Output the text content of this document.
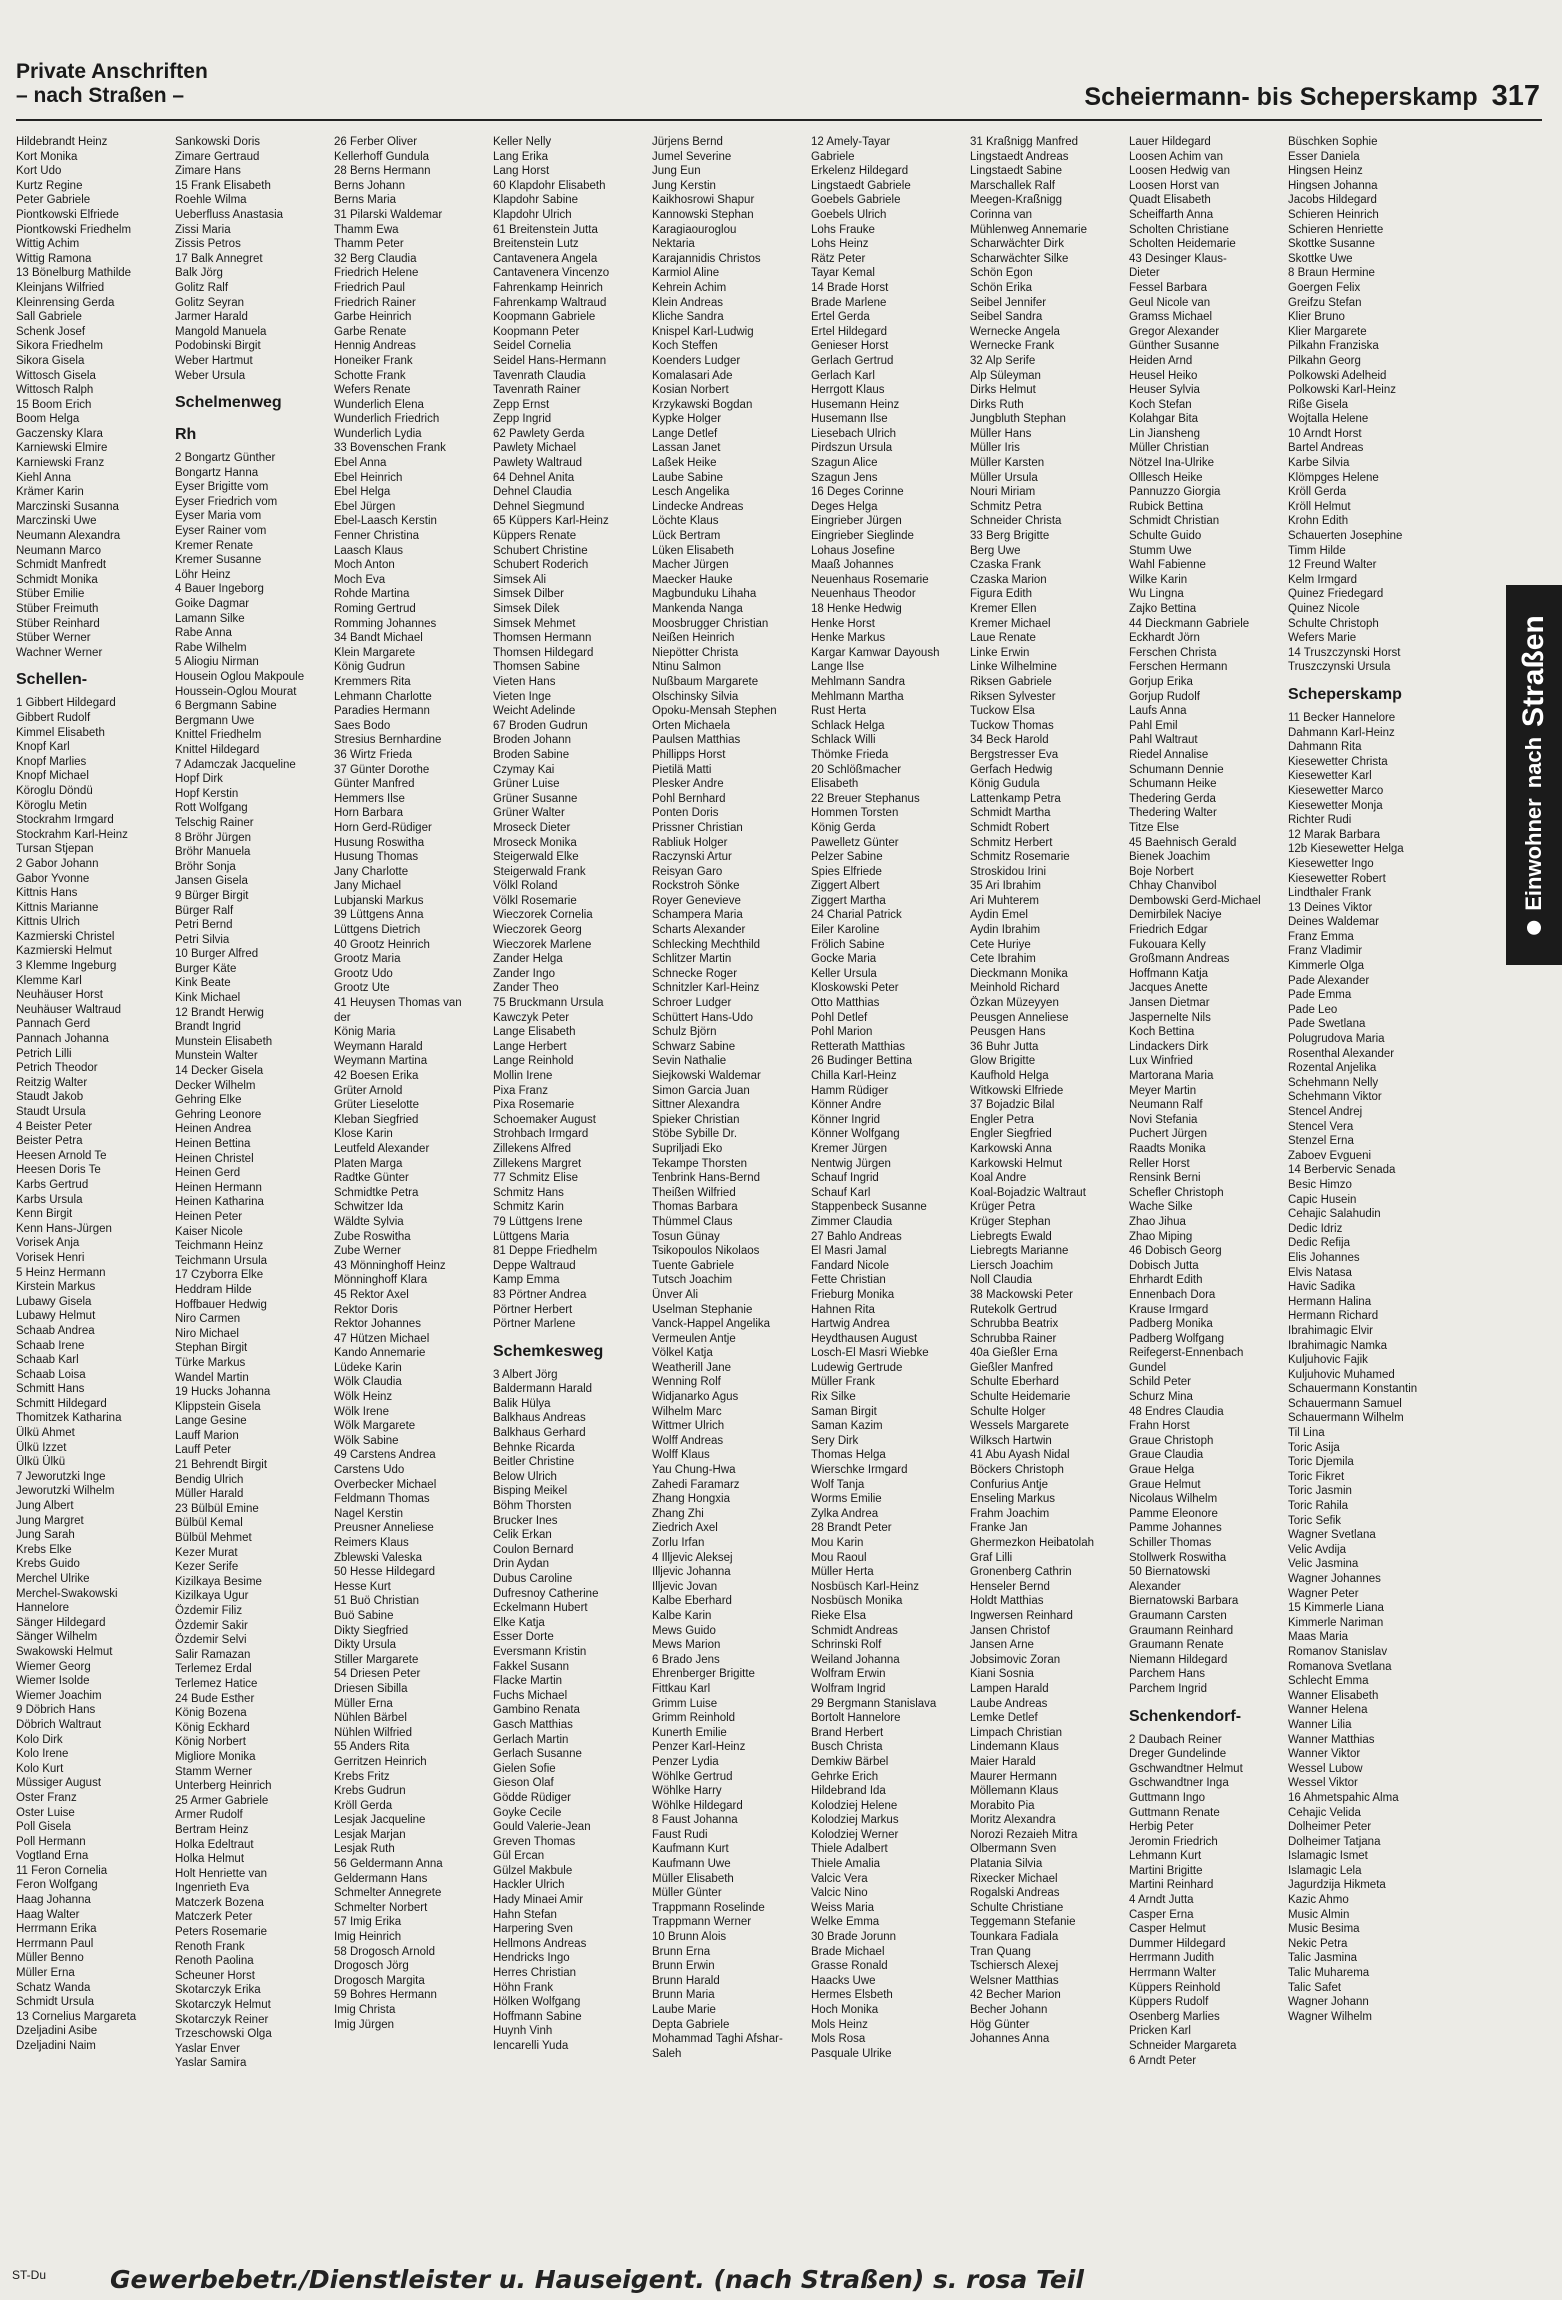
Private Anschriften
– nach Straßen –	Scheiermann- bis Scheperskamp 317
Hildebrandt Heinz
Kort Monika
Kort Udo
Kurtz Regine
Peter Gabriele
Piontkowski Elfriede
Piontkowski Friedhelm
Wittig Achim
Wittig Ramona
13 Bönelburg Mathilde
Kleinjans Wilfried
Kleinrensing Gerda
Sall Gabriele
Schenk Josef
Sikora Friedhelm
Sikora Gisela
Wittosch Gisela
Wittosch Ralph
15 Boom Erich
Boom Helga
Gaczensky Klara
Karniewski Elmire
Karniewski Franz
Kiehl Anna
Krämer Karin
Marczinski Susanna
Marczinski Uwe
Neumann Alexandra
Neumann Marco
Schmidt Manfredt
Schmidt Monika
Stüber Emilie
Stüber Freimuth
Stüber Reinhard
Stüber Werner
Wachner Werner
Schellen-
1 Gibbert Hildegard
Gibbert Rudolf
Kimmel Elisabeth
Knopf Karl
Knopf Marlies
Knopf Michael
Köroglu Döndü
Köroglu Metin
Stockrahm Irmgard
Stockrahm Karl-Heinz
Tursan Stjepan
2 Gabor Johann
Gabor Yvonne
Kittnis Hans
Kittnis Marianne
Kittnis Ulrich
Kazmierski Christel
Kazmierski Helmut
3 Klemme Ingeburg
Klemme Karl
Neuhäuser Horst
Neuhäuser Waltraud
Pannach Gerd
Pannach Johanna
Petrich Lilli
Petrich Theodor
Reitzig Walter
Staudt Jakob
Staudt Ursula
4 Beister Peter
Beister Petra
Heesen Arnold Te
Heesen Doris Te
Karbs Gertrud
Karbs Ursula
Kenn Birgit
Kenn Hans-Jürgen
Vorisek Anja
Vorisek Henri
5 Heinz Hermann
Kirstein Markus
Lubawy Gisela
Lubawy Helmut
Schaab Andrea
Schaab Irene
Schaab Karl
Schaab Loisa
Schmitt Hans
Schmitt Hildegard
Thomitzek Katharina
Ülkü Ahmet
Ülkü Izzet
Ülkü Ülkü
7 Jeworutzki Inge
Jeworutzki Wilhelm
Jung Albert
Jung Margret
Jung Sarah
Krebs Elke
Krebs Guido
Merchel Ulrike
Merchel-Swakowski
Hannelore
Sänger Hildegard
Sänger Wilhelm
Swakowski Helmut
Wiemer Georg
Wiemer Isolde
Wiemer Joachim
9 Döbrich Hans
Döbrich Waltraut
Kolo Dirk
Kolo Irene
Kolo Kurt
Müssiger August
Oster Franz
Oster Luise
Poll Gisela
Poll Hermann
Vogtland Erna
11 Feron Cornelia
Feron Wolfgang
Haag Johanna
Haag Walter
Herrmann Erika
Herrmann Paul
Müller Benno
Müller Erna
Schatz Wanda
Schmidt Ursula
13 Cornelius Margareta
Dzeljadini Asibe
Dzeljadini Naim
Sankowski Doris
Zimare Gertraud
Zimare Hans
15 Frank Elisabeth
Roehle Wilma
Ueberfluss Anastasia
Zissi Maria
Zissis Petros
17 Balk Annegret
Balk Jörg
Golitz Ralf
Golitz Seyran
Jarmer Harald
Mangold Manuela
Podobinski Birgit
Weber Hartmut
Weber Ursula
Schelmenweg
Rh
2 Bongartz Günther
Bongartz Hanna
Eyser Brigitte vom
Eyser Friedrich vom
Eyser Maria vom
Eyser Rainer vom
Kremer Renate
Kremer Susanne
Löhr Heinz
4 Bauer Ingeborg
Goike Dagmar
Lamann Silke
Rabe Anna
Rabe Wilhelm
5 Aliogiu Nirman
Housein Oglou Makpoule
Houssein-Oglou Mourat
6 Bergmann Sabine
Bergmann Uwe
Knittel Friedhelm
Knittel Hildegard
7 Adamczak Jacqueline
Hopf Dirk
Hopf Kerstin
Rott Wolfgang
Telschig Rainer
8 Bröhr Jürgen
Bröhr Manuela
Bröhr Sonja
Jansen Gisela
9 Bürger Birgit
Bürger Ralf
Petri Bernd
Petri Silvia
10 Burger Alfred
Burger Käte
Kink Beate
Kink Michael
12 Brandt Herwig
Brandt Ingrid
Munstein Elisabeth
Munstein Walter
14 Decker Gisela
Decker Wilhelm
Gehring Elke
Gehring Leonore
Heinen Andrea
Heinen Bettina
Heinen Christel
Heinen Gerd
Heinen Hermann
Heinen Katharina
Heinen Peter
Kaiser Nicole
Teichmann Heinz
Teichmann Ursula
17 Czyborra Elke
Heddram Hilde
Hoffbauer Hedwig
Niro Carmen
Niro Michael
Stephan Birgit
Türke Markus
Wandel Martin
19 Hucks Johanna
Klippstein Gisela
Lange Gesine
Lauff Marion
Lauff Peter
21 Behrendt Birgit
Bendig Ulrich
Müller Harald
23 Bülbül Emine
Bülbül Kemal
Bülbül Mehmet
Kezer Murat
Kezer Serife
Kizilkaya Besime
Kizilkaya Ugur
Özdemir Filiz
Özdemir Sakir
Özdemir Selvi
Salir Ramazan
Terlemez Erdal
Terlemez Hatice
24 Bude Esther
König Bozena
König Eckhard
König Norbert
Migliore Monika
Stamm Werner
Unterberg Heinrich
25 Armer Gabriele
Armer Rudolf
Bertram Heinz
Holka Edeltraut
Holka Helmut
Holt Henriette van
Ingenrieth Eva
Matczerk Bozena
Matczerk Peter
Peters Rosemarie
Renoth Frank
Renoth Paolina
Scheuner Horst
Skotarczyk Erika
Skotarczyk Helmut
Skotarczyk Reiner
Trzeschowski Olga
Yaslar Enver
Yaslar Samira
26 Ferber Oliver
Kellerhoff Gundula
28 Berns Hermann
Berns Johann
Berns Maria
31 Pilarski Waldemar
Thamm Ewa
Thamm Peter
32 Berg Claudia
Friedrich Helene
Friedrich Paul
Friedrich Rainer
Garbe Heinrich
Garbe Renate
Hennig Andreas
Honeiker Frank
Schotte Frank
Wefers Renate
Wunderlich Elena
Wunderlich Friedrich
Wunderlich Lydia
33 Bovenschen Frank
Ebel Anna
Ebel Heinrich
Ebel Helga
Ebel Jürgen
Ebel-Laasch Kerstin
Fenner Christina
Laasch Klaus
Moch Anton
Moch Eva
Rohde Martina
Roming Gertrud
Romming Johannes
34 Bandt Michael
Klein Margarete
König Gudrun
Kremmers Rita
Lehmann Charlotte
Paradies Hermann
Saes Bodo
Stresius Bernhardine
36 Wirtz Frieda
37 Günter Dorothe
Günter Manfred
Hemmers Ilse
Horn Barbara
Horn Gerd-Rüdiger
Husung Roswitha
Husung Thomas
Jany Charlotte
Jany Michael
Lubjanski Markus
39 Lüttgens Anna
Lüttgens Dietrich
40 Grootz Heinrich
Grootz Maria
Grootz Udo
Grootz Ute
41 Heuysen Thomas van
der
König Maria
Weymann Harald
Weymann Martina
42 Boesen Erika
Grüter Arnold
Grüter Lieselotte
Kleban Siegfried
Klose Karin
Leutfeld Alexander
Platen Marga
Radtke Günter
Schmidtke Petra
Schwitzer Ida
Wäldte Sylvia
Zube Roswitha
Zube Werner
43 Mönninghoff Heinz
Mönninghoff Klara
45 Rektor Axel
Rektor Doris
Rektor Johannes
47 Hützen Michael
Kando Annemarie
Lüdeke Karin
Wölk Claudia
Wölk Heinz
Wölk Irene
Wölk Margarete
Wölk Sabine
49 Carstens Andrea
Carstens Udo
Overbecker Michael
Feldmann Thomas
Nagel Kerstin
Preusner Anneliese
Reimers Klaus
Zblewski Valeska
50 Hesse Hildegard
Hesse Kurt
51 Buö Christian
Buö Sabine
Dikty Siegfried
Dikty Ursula
Stiller Margarete
54 Driesen Peter
Driesen Sibilla
Müller Erna
Nühlen Bärbel
Nühlen Wilfried
55 Anders Rita
Gerritzen Heinrich
Krebs Fritz
Krebs Gudrun
Kröll Gerda
Lesjak Jacqueline
Lesjak Marjan
Lesjak Ruth
56 Geldermann Anna
Geldermann Hans
Schmelter Annegrete
Schmelter Norbert
57 Imig Erika
Imig Heinrich
58 Drogosch Arnold
Drogosch Jörg
Drogosch Margita
59 Bohres Hermann
Imig Christa
Imig Jürgen
Keller Nelly
Lang Erika
Lang Horst
60 Klapdohr Elisabeth
Klapdohr Sabine
Klapdohr Ulrich
61 Breitenstein Jutta
Breitenstein Lutz
Cantavenera Angela
Cantavenera Vincenzo
Fahrenkamp Heinrich
Fahrenkamp Waltraud
Koopmann Gabriele
Koopmann Peter
Seidel Cornelia
Seidel Hans-Hermann
Tavenrath Claudia
Tavenrath Rainer
Zepp Ernst
Zepp Ingrid
62 Pawlety Gerda
Pawlety Michael
Pawlety Waltraud
64 Dehnel Anita
Dehnel Claudia
Dehnel Siegmund
65 Küppers Karl-Heinz
Küppers Renate
Schubert Christine
Schubert Roderich
Simsek Ali
Simsek Dilber
Simsek Dilek
Simsek Mehmet
Thomsen Hermann
Thomsen Hildegard
Thomsen Sabine
Vieten Hans
Vieten Inge
Weicht Adelinde
67 Broden Gudrun
Broden Johann
Broden Sabine
Czymay Kai
Grüner Luise
Grüner Susanne
Grüner Walter
Mroseck Dieter
Mroseck Monika
Steigerwald Elke
Steigerwald Frank
Völkl Roland
Völkl Rosemarie
Wieczorek Cornelia
Wieczorek Georg
Wieczorek Marlene
Zander Helga
Zander Ingo
Zander Theo
75 Bruckmann Ursula
Kawczyk Peter
Lange Elisabeth
Lange Herbert
Lange Reinhold
Mollin Irene
Pixa Franz
Pixa Rosemarie
Schoemaker August
Strohbach Irmgard
Zillekens Alfred
Zillekens Margret
77 Schmitz Elise
Schmitz Hans
Schmitz Karin
79 Lüttgens Irene
Lüttgens Maria
81 Deppe Friedhelm
Deppe Waltraud
Kamp Emma
83 Pörtner Andrea
Pörtner Herbert
Pörtner Marlene
Schemkesweg
3 Albert Jörg
Baldermann Harald
Balik Hülya
Balkhaus Andreas
Balkhaus Gerhard
Behnke Ricarda
Beitler Christine
Below Ulrich
Bisping Meikel
Böhm Thorsten
Brucker Ines
Celik Erkan
Coulon Bernard
Drin Aydan
Dubus Caroline
Dufresnoy Catherine
Eckelmann Hubert
Elke Katja
Esser Dorte
Eversmann Kristin
Fakkel Susann
Flacke Martin
Fuchs Michael
Gambino Renata
Gasch Matthias
Gerlach Martin
Gerlach Susanne
Gielen Sofie
Gieson Olaf
Gödde Rüdiger
Goyke Cecile
Gould Valerie-Jean
Greven Thomas
Gül Ercan
Gülzel Makbule
Hackler Ulrich
Hady Minaei Amir
Hahn Stefan
Harpering Sven
Hellmons Andreas
Hendricks Ingo
Herres Christian
Höhn Frank
Hölken Wolfgang
Hoffmann Sabine
Huynh Vinh
Iencarelli Yuda
Jürjens Bernd
Jumel Severine
Jung Eun
Jung Kerstin
Kaikhosrowi Shapur
Kannowski Stephan
Karagiaouroglou
Nektaria
Karajannidis Christos
Karmiol Aline
Kehrein Achim
Klein Andreas
Kliche Sandra
Knispel Karl-Ludwig
Koch Steffen
Koenders Ludger
Komalasari Ade
Kosian Norbert
Krzykawski Bogdan
Kypke Holger
Lange Detlef
Lassan Janet
Laßek Heike
Laube Sabine
Lesch Angelika
Lindecke Andreas
Löchte Klaus
Lück Bertram
Lüken Elisabeth
Macher Jürgen
Maecker Hauke
Magbunduku Lihaha
Mankenda Nanga
Moosbrugger Christian
Neißen Heinrich
Niepötter Christa
Ntinu Salmon
Nußbaum Margarete
Olschinsky Silvia
Opoku-Mensah Stephen
Orten Michaela
Paulsen Matthias
Phillipps Horst
Pietilä Matti
Plesker Andre
Pohl Bernhard
Ponten Doris
Prissner Christian
Rabliuk Holger
Raczynski Artur
Reisyan Garo
Rockstroh Sönke
Royer Genevieve
Schampera Maria
Scharts Alexander
Schlecking Mechthild
Schlitzer Martin
Schnecke Roger
Schnitzler Karl-Heinz
Schroer Ludger
Schüttert Hans-Udo
Schulz Björn
Schwarz Sabine
Sevin Nathalie
Siejkowski Waldemar
Simon Garcia Juan
Sittner Alexandra
Spieker Christian
Stöbe Sybille Dr.
Supriljadi Eko
Tekampe Thorsten
Tenbrink Hans-Bernd
Theißen Wilfried
Thomas Barbara
Thümmel Claus
Tosun Günay
Tsikopoulos Nikolaos
Tuente Gabriele
Tutsch Joachim
Ünver Ali
Uselman Stephanie
Vanck-Happel Angelika
Vermeulen Antje
Völkel Katja
Weatherill Jane
Wenning Rolf
Widjanarko Agus
Wilhelm Marc
Wittmer Ulrich
Wolff Andreas
Wolff Klaus
Yau Chung-Hwa
Zahedi Faramarz
Zhang Hongxia
Zhang Zhi
Ziedrich Axel
Zorlu Irfan
4 Illjevic Aleksej
Illjevic Johanna
Illjevic Jovan
Kalbe Eberhard
Kalbe Karin
Mews Guido
Mews Marion
6 Brado Jens
Ehrenberger Brigitte
Fittkau Karl
Grimm Luise
Grimm Reinhold
Kunerth Emilie
Penzer Karl-Heinz
Penzer Lydia
Wöhlke Gertrud
Wöhlke Harry
Wöhlke Hildegard
8 Faust Johanna
Faust Rudi
Kaufmann Kurt
Kaufmann Uwe
Müller Elisabeth
Müller Günter
Trappmann Roselinde
Trappmann Werner
10 Brunn Alois
Brunn Erna
Brunn Erwin
Brunn Harald
Brunn Maria
Laube Marie
Depta Gabriele
Mohammad Taghi Afshar-
Saleh
12 Amely-Tayar
Gabriele
Erkelenz Hildegard
Lingstaedt Gabriele
Goebels Gabriele
Goebels Ulrich
Lohs Frauke
Lohs Heinz
Rätz Peter
Tayar Kemal
14 Brade Horst
Brade Marlene
Ertel Gerda
Ertel Hildegard
Genieser Horst
Gerlach Gertrud
Gerlach Karl
Herrgott Klaus
Husemann Heinz
Husemann Ilse
Liesebach Ulrich
Pirdszun Ursula
Szagun Alice
Szagun Jens
16 Deges Corinne
Deges Helga
Eingrieber Jürgen
Eingrieber Sieglinde
Lohaus Josefine
Maaß Johannes
Neuenhaus Rosemarie
Neuenhaus Theodor
18 Henke Hedwig
Henke Horst
Henke Markus
Kargar Kamwar Dayoush
Lange Ilse
Mehlmann Sandra
Mehlmann Martha
Rust Herta
Schlack Helga
Schlack Willi
Thömke Frieda
20 Schlößmacher
Elisabeth
22 Breuer Stephanus
Hommen Torsten
König Gerda
Pawelletz Günter
Pelzer Sabine
Spies Elfriede
Ziggert Albert
Ziggert Martha
24 Charial Patrick
Eiler Karoline
Frölich Sabine
Gocke Maria
Keller Ursula
Kloskowski Peter
Otto Matthias
Pohl Detlef
Pohl Marion
Retterath Matthias
26 Budinger Bettina
Chilla Karl-Heinz
Hamm Rüdiger
Könner Andre
Könner Ingrid
Könner Wolfgang
Kremer Jürgen
Nentwig Jürgen
Schauf Ingrid
Schauf Karl
Stappenbeck Susanne
Zimmer Claudia
27 Bahlo Andreas
El Masri Jamal
Fandard Nicole
Fette Christian
Frieburg Monika
Hahnen Rita
Hartwig Andrea
Heydthausen August
Losch-El Masri Wiebke
Ludewig Gertrude
Müller Frank
Rix Silke
Saman Birgit
Saman Kazim
Sery Dirk
Thomas Helga
Wierschke Irmgard
Wolf Tanja
Worms Emilie
Zylka Andrea
28 Brandt Peter
Mou Karin
Mou Raoul
Müller Herta
Nosbüsch Karl-Heinz
Nosbüsch Monika
Rieke Elsa
Schmidt Andreas
Schrinski Rolf
Weiland Johanna
Wolfram Erwin
Wolfram Ingrid
29 Bergmann Stanislava
Bortolt Hannelore
Brand Herbert
Busch Christa
Demkiw Bärbel
Gehrke Erich
Hildebrand Ida
Kolodziej Helene
Kolodziej Markus
Kolodziej Werner
Thiele Adalbert
Thiele Amalia
Valcic Vera
Valcic Nino
Weiss Maria
Welke Emma
30 Brade Jorunn
Brade Michael
Grasse Ronald
Haacks Uwe
Hermes Elsbeth
Hoch Monika
Mols Heinz
Mols Rosa
Pasquale Ulrike
31 Kraßnigg Manfred
Lingstaedt Andreas
Lingstaedt Sabine
Marschallek Ralf
Meegen-Kraßnigg
Corinna van
Mühlenweg Annemarie
Scharwächter Dirk
Scharwächter Silke
Schön Egon
Schön Erika
Seibel Jennifer
Seibel Sandra
Wernecke Angela
Wernecke Frank
32 Alp Serife
Alp Süleyman
Dirks Helmut
Dirks Ruth
Jungbluth Stephan
Müller Hans
Müller Iris
Müller Karsten
Müller Ursula
Nouri Miriam
Schmitz Petra
Schneider Christa
33 Berg Brigitte
Berg Uwe
Czaska Frank
Czaska Marion
Figura Edith
Kremer Ellen
Kremer Michael
Laue Renate
Linke Erwin
Linke Wilhelmine
Riksen Gabriele
Riksen Sylvester
Tuckow Elsa
Tuckow Thomas
34 Beck Harold
Bergstresser Eva
Gerfach Hedwig
König Gudula
Lattenkamp Petra
Schmidt Martha
Schmidt Robert
Schmitz Herbert
Schmitz Rosemarie
Stroskidou Irini
35 Ari Ibrahim
Ari Muhterem
Aydin Emel
Aydin Ibrahim
Cete Huriye
Cete Ibrahim
Dieckmann Monika
Meinhold Richard
Özkan Müzeyyen
Peusgen Anneliese
Peusgen Hans
36 Buhr Jutta
Glow Brigitte
Kaufhold Helga
Witkowski Elfriede
37 Bojadzic Bilal
Engler Petra
Engler Siegfried
Karkowski Anna
Karkowski Helmut
Koal Andre
Koal-Bojadzic Waltraut
Krüger Petra
Krüger Stephan
Liebregts Ewald
Liebregts Marianne
Liersch Joachim
Noll Claudia
38 Mackowski Peter
Rutekolk Gertrud
Schrubba Beatrix
Schrubba Rainer
40a Gießler Erna
Gießler Manfred
Schulte Eberhard
Schulte Heidemarie
Schulte Holger
Wessels Margarete
Wilksch Hartwin
41 Abu Ayash Nidal
Böckers Christoph
Confurius Antje
Enseling Markus
Frahm Joachim
Franke Jan
Ghermezkon Heibatolah
Graf Lilli
Gronenberg Cathrin
Henseler Bernd
Holdt Matthias
Ingwersen Reinhard
Jansen Christof
Jansen Arne
Jobsimovic Zoran
Kiani Sosnia
Lampen Harald
Laube Andreas
Lemke Detlef
Limpach Christian
Lindemann Klaus
Maier Harald
Maurer Hermann
Möllemann Klaus
Morabito Pia
Moritz Alexandra
Norozi Rezaieh Mitra
Olbermann Sven
Platania Silvia
Rixecker Michael
Rogalski Andreas
Schulte Christiane
Teggemann Stefanie
Tounkara Fadiala
Tran Quang
Tschiersch Alexej
Welsner Matthias
42 Becher Marion
Becher Johann
Hög Günter
Johannes Anna
Lauer Hildegard
Loosen Achim van
Loosen Hedwig van
Loosen Horst van
Quadt Elisabeth
Scheiffarth Anna
Scholten Christiane
Scholten Heidemarie
43 Desinger Klaus-
Dieter
Fessel Barbara
Geul Nicole van
Gramss Michael
Gregor Alexander
Günther Susanne
Heiden Arnd
Heusel Heiko
Heuser Sylvia
Koch Stefan
Kolahgar Bita
Lin Jiansheng
Müller Christian
Nötzel Ina-Ulrike
Olllesch Heike
Pannuzzo Giorgia
Rubick Bettina
Schmidt Christian
Schulte Guido
Stumm Uwe
Wahl Fabienne
Wilke Karin
Wu Lingna
Zajko Bettina
44 Dieckmann Gabriele
Eckhardt Jörn
Ferschen Christa
Ferschen Hermann
Gorjup Erika
Gorjup Rudolf
Laufs Anna
Pahl Emil
Pahl Waltraut
Riedel Annalise
Schumann Dennie
Schumann Heike
Thedering Gerda
Thedering Walter
Titze Else
45 Baehnisch Gerald
Bienek Joachim
Boje Norbert
Chhay Chanvibol
Dembowski Gerd-Michael
Demirbilek Naciye
Friedrich Edgar
Fukouara Kelly
Großmann Andreas
Hoffmann Katja
Jacques Anette
Jansen Dietmar
Jaspernelte Nils
Koch Bettina
Lindackers Dirk
Lux Winfried
Martorana Maria
Meyer Martin
Neumann Ralf
Novi Stefania
Puchert Jürgen
Raadts Monika
Reller Horst
Rensink Berni
Schefler Christoph
Wache Silke
Zhao Jihua
Zhao Miping
46 Dobisch Georg
Dobisch Jutta
Ehrhardt Edith
Ennenbach Dora
Krause Irmgard
Padberg Monika
Padberg Wolfgang
Reifegerst-Ennenbach
Gundel
Schild Peter
Schurz Mina
48 Endres Claudia
Frahn Horst
Graue Christoph
Graue Claudia
Graue Helga
Graue Helmut
Nicolaus Wilhelm
Pamme Eleonore
Pamme Johannes
Schiller Thomas
Stollwerk Roswitha
50 Biernatowski
Alexander
Biernatowski Barbara
Graumann Carsten
Graumann Reinhard
Graumann Renate
Niemann Hildegard
Parchem Hans
Parchem Ingrid
Schenkendorf-
2 Daubach Reiner
Dreger Gundelinde
Gschwandtner Helmut
Gschwandtner Inga
Guttmann Ingo
Guttmann Renate
Herbig Peter
Jeromin Friedrich
Lehmann Kurt
Martini Brigitte
Martini Reinhard
4 Arndt Jutta
Casper Erna
Casper Helmut
Dummer Hildegard
Herrmann Judith
Herrmann Walter
Küppers Reinhold
Küppers Rudolf
Osenberg Marlies
Pricken Karl
Schneider Margareta
6 Arndt Peter
Büschken Sophie
Esser Daniela
Hingsen Heinz
Hingsen Johanna
Jacobs Hildegard
Schieren Heinrich
Schieren Henriette
Skottke Susanne
Skottke Uwe
8 Braun Hermine
Goergen Felix
Greifzu Stefan
Klier Bruno
Klier Margarete
Pilkahn Franziska
Pilkahn Georg
Polkowski Adelheid
Polkowski Karl-Heinz
Riße Gisela
Wojtalla Helene
10 Arndt Horst
Bartel Andreas
Karbe Silvia
Klömpges Helene
Kröll Gerda
Kröll Helmut
Krohn Edith
Schauerten Josephine
Timm Hilde
12 Freund Walter
Kelm Irmgard
Quinez Friedegard
Quinez Nicole
Schulte Christoph
Wefers Marie
14 Truszczynski Horst
Truszczynski Ursula
Scheperskamp
11 Becker Hannelore
Dahmann Karl-Heinz
Dahmann Rita
Kiesewetter Christa
Kiesewetter Karl
Kiesewetter Marco
Kiesewetter Monja
Richter Rudi
12 Marak Barbara
12b Kiesewetter Helga
Kiesewetter Ingo
Kiesewetter Robert
Lindthaler Frank
13 Deines Viktor
Deines Waldemar
Franz Emma
Franz Vladimir
Kimmerle Olga
Pade Alexander
Pade Emma
Pade Leo
Pade Swetlana
Polugrudova Maria
Rosenthal Alexander
Rozental Anjelika
Schehmann Nelly
Schehmann Viktor
Stencel Andrej
Stencel Vera
Stenzel Erna
Zaboev Evgueni
14 Berbervic Senada
Besic Himzo
Capic Husein
Cehajic Salahudin
Dedic Idriz
Dedic Refija
Elis Johannes
Elvis Natasa
Havic Sadika
Hermann Halina
Hermann Richard
Ibrahimagic Elvir
Ibrahimagic Namka
Kuljuhovic Fajik
Kuljuhovic Muhamed
Schauermann Konstantin
Schauermann Samuel
Schauermann Wilhelm
Til Lina
Toric Asija
Toric Djemila
Toric Fikret
Toric Jasmin
Toric Rahila
Toric Sefik
Wagner Svetlana
Velic Avdija
Velic Jasmina
Wagner Johannes
Wagner Peter
15 Kimmerle Liana
Kimmerle Nariman
Maas Maria
Romanov Stanislav
Romanova Svetlana
Schlecht Emma
Wanner Elisabeth
Wanner Helena
Wanner Lilia
Wanner Matthias
Wanner Viktor
Wessel Lubow
Wessel Viktor
16 Ahmetspahic Alma
Cehajic Velida
Dolheimer Peter
Dolheimer Tatjana
Islamagic Ismet
Islamagic Lela
Jagurdzija Hikmeta
Kazic Ahmo
Music Almin
Music Besima
Nekic Petra
Talic Jasmina
Talic Muharema
Talic Safet
Wagner Johann
Wagner Wilhelm
Einwohner
nach
Straßen
ST-Du	Gewerbebetr./Dienstleister u. Hauseigent. (nach Straßen) s. rosa Teil
